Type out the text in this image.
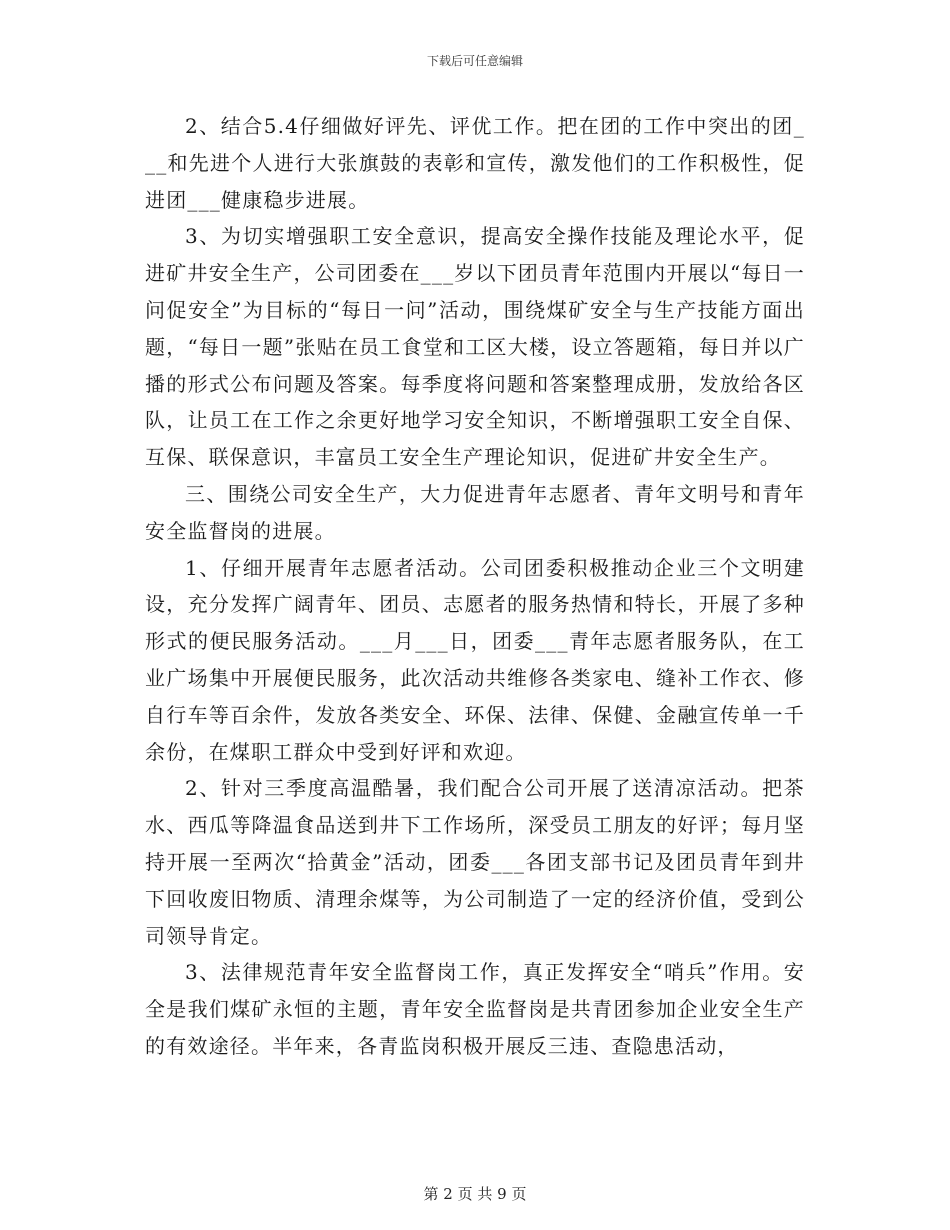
下载后可任意编辑

2、结合5.4仔细做好评先、评优工作。把在团的工作中突出的团___和先进个人进行大张旗鼓的表彰和宣传，激发他们的工作积极性，促进团___健康稳步进展。

3、为切实增强职工安全意识，提高安全操作技能及理论水平，促进矿井安全生产，公司团委在___岁以下团员青年范围内开展以“每日一问促安全”为目标的“每日一问”活动，围绕煤矿安全与生产技能方面出题，“每日一题”张贴在员工食堂和工区大楼，设立答题箱，每日并以广播的形式公布问题及答案。每季度将问题和答案整理成册，发放给各区队，让员工在工作之余更好地学习安全知识，不断增强职工安全自保、互保、联保意识，丰富员工安全生产理论知识，促进矿井安全生产。

三、围绕公司安全生产，大力促进青年志愿者、青年文明号和青年安全监督岗的进展。

1、仔细开展青年志愿者活动。公司团委积极推动企业三个文明建设，充分发挥广阔青年、团员、志愿者的服务热情和特长，开展了多种形式的便民服务活动。___月___日，团委___青年志愿者服务队，在工业广场集中开展便民服务，此次活动共维修各类家电、缝补工作衣、修自行车等百余件，发放各类安全、环保、法律、保健、金融宣传单一千余份，在煤职工群众中受到好评和欢迎。

2、针对三季度高温酷暑，我们配合公司开展了送清凉活动。把茶水、西瓜等降温食品送到井下工作场所，深受员工朋友的好评；每月坚持开展一至两次“拾黄金”活动，团委___各团支部书记及团员青年到井下回收废旧物质、清理余煤等，为公司制造了一定的经济价值，受到公司领导肯定。

3、法律规范青年安全监督岗工作，真正发挥安全“哨兵”作用。安全是我们煤矿永恒的主题，青年安全监督岗是共青团参加企业安全生产的有效途径。半年来，各青监岗积极开展反三违、查隐患活动，

第 2 页 共 9 页
